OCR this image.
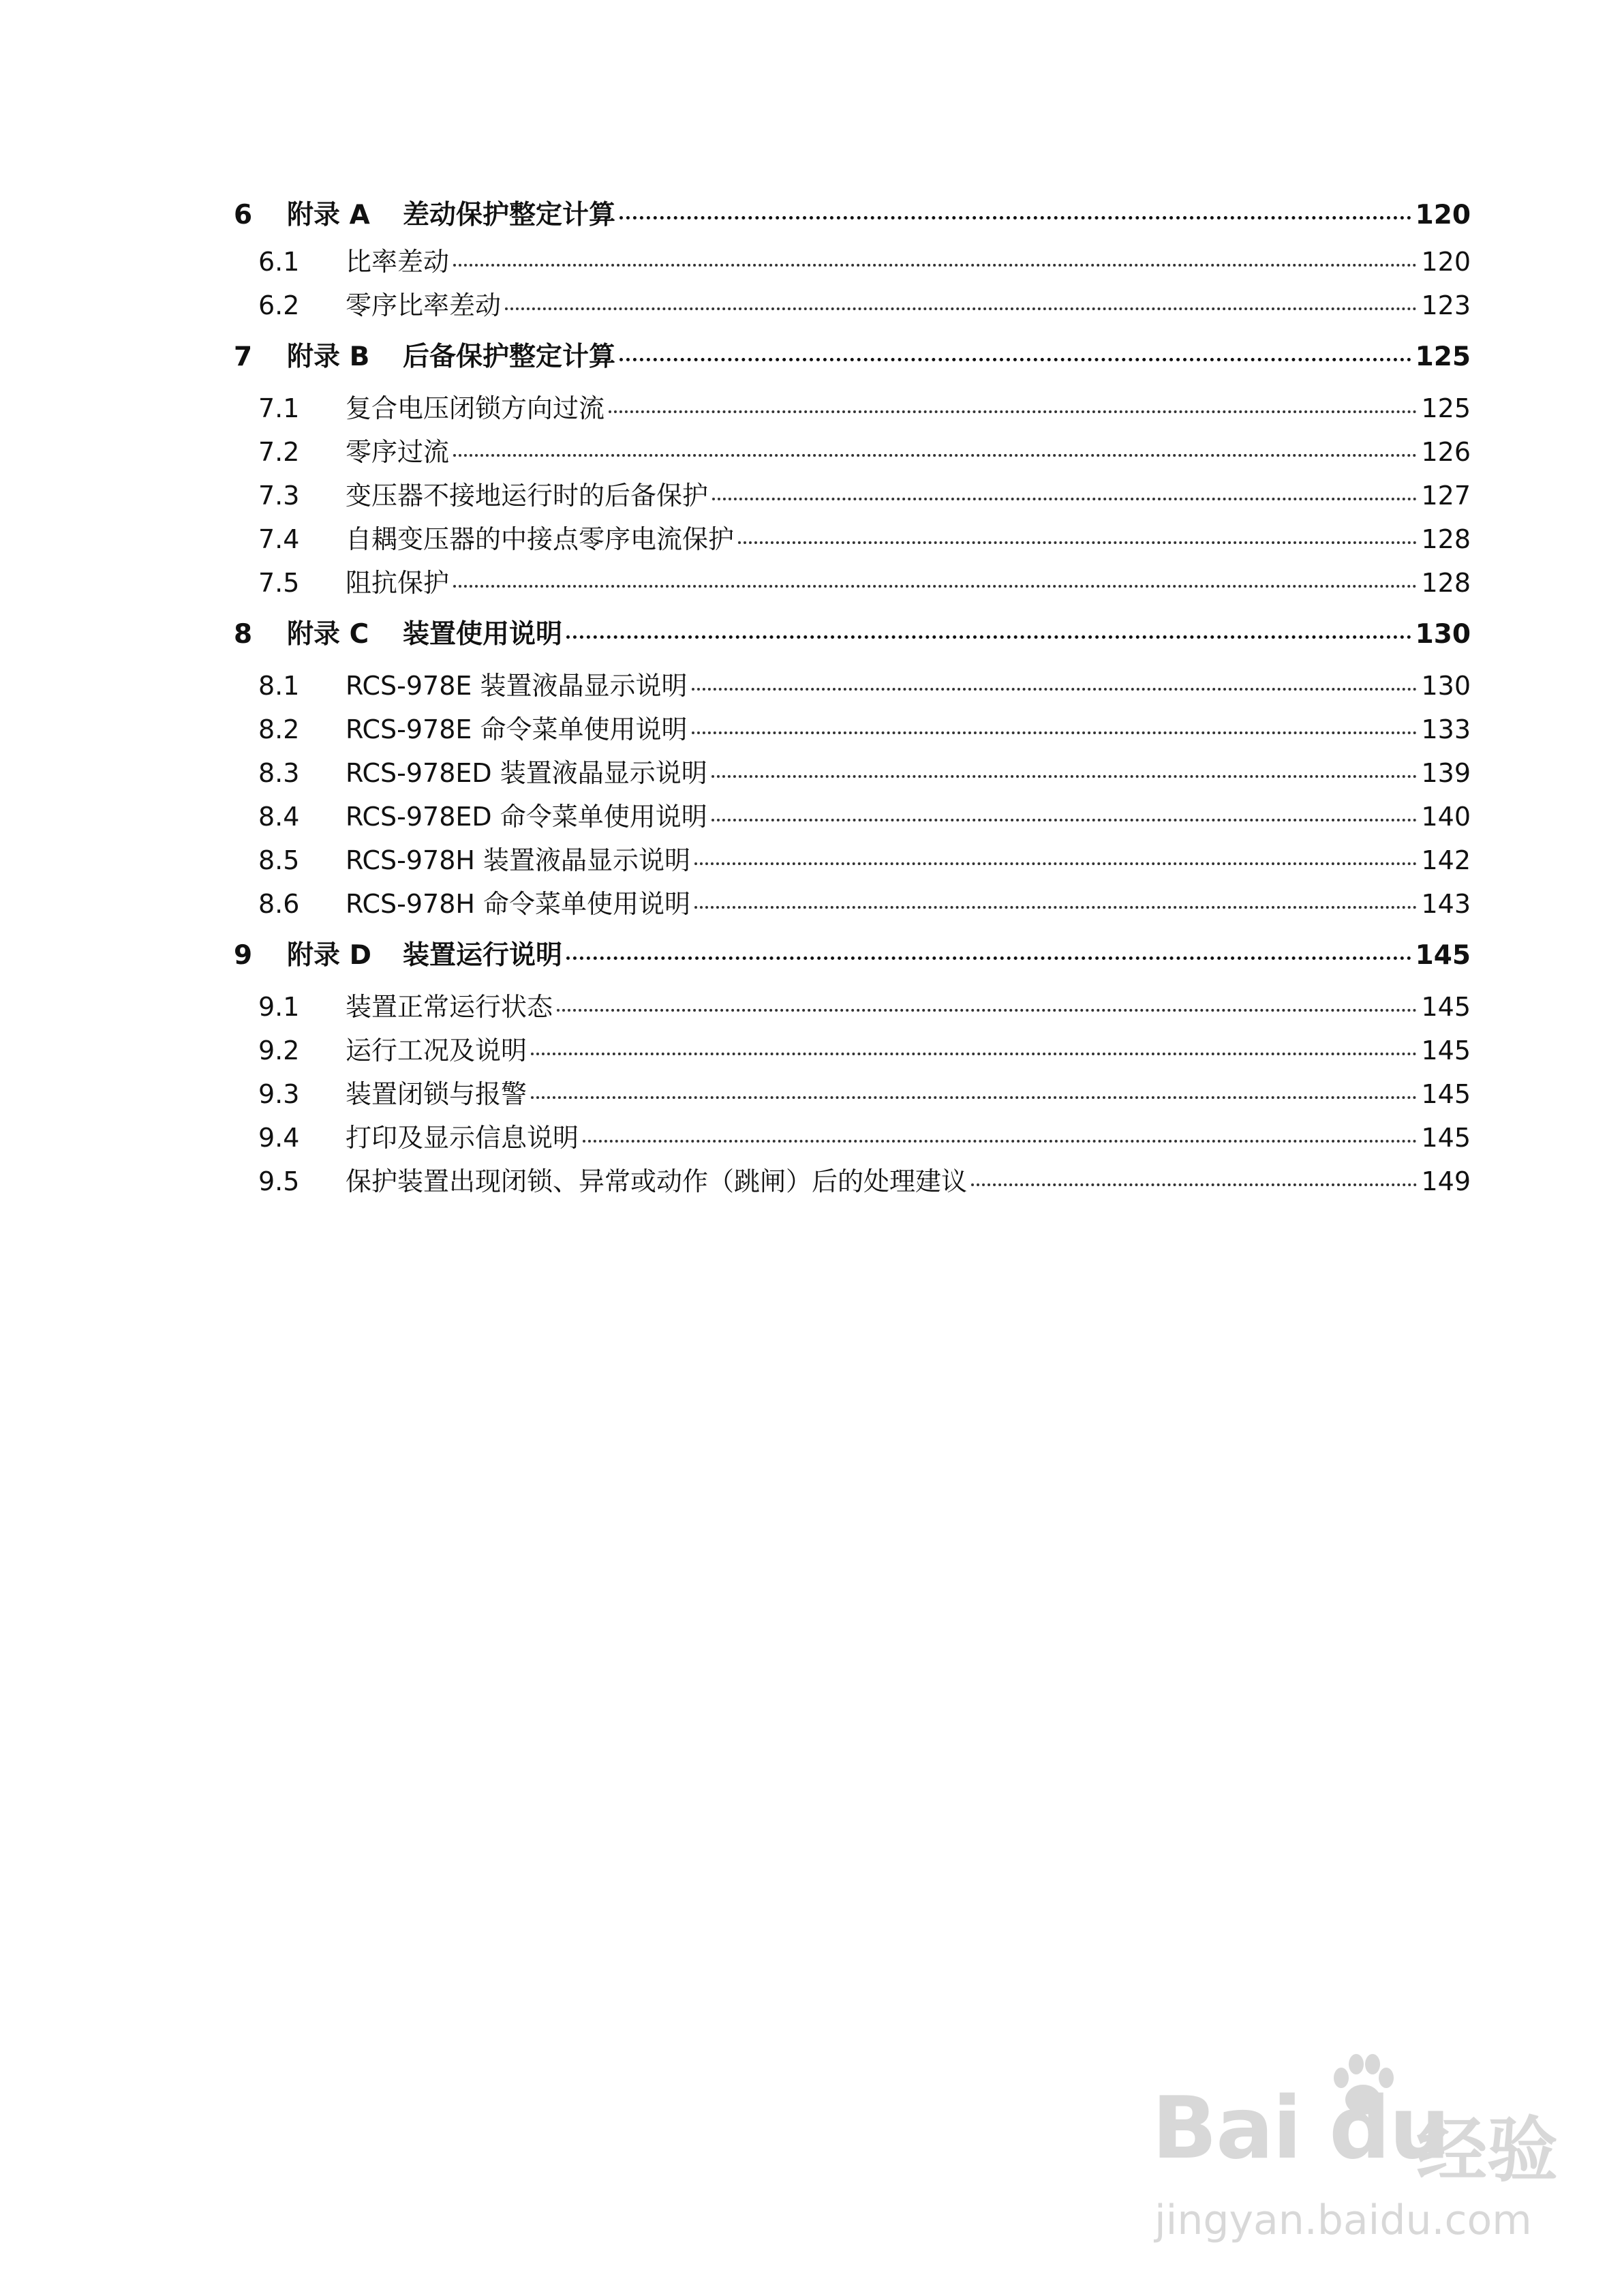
6	附录 A	差动保护整定计算	120
6.1	比率差动	120
6.2	零序比率差动	123
7	附录 B	后备保护整定计算	125
7.1	复合电压闭锁方向过流	125
7.2	零序过流	126
7.3	变压器不接地运行时的后备保护	127
7.4	自耦变压器的中接点零序电流保护	128
7.5	阻抗保护	128
8	附录 C	装置使用说明	130
8.1	RCS-978E 装置液晶显示说明	130
8.2	RCS-978E 命令菜单使用说明	133
8.3	RCS-978ED 装置液晶显示说明	139
8.4	RCS-978ED 命令菜单使用说明	140
8.5	RCS-978H 装置液晶显示说明	142
8.6	RCS-978H 命令菜单使用说明	143
9	附录 D	装置运行说明	145
9.1	装置正常运行状态	145
9.2	运行工况及说明	145
9.3	装置闭锁与报警	145
9.4	打印及显示信息说明	145
9.5	保护装置出现闭锁、异常或动作（跳闸）后的处理建议	149
Bai du
经验
jingyan.baidu.com
